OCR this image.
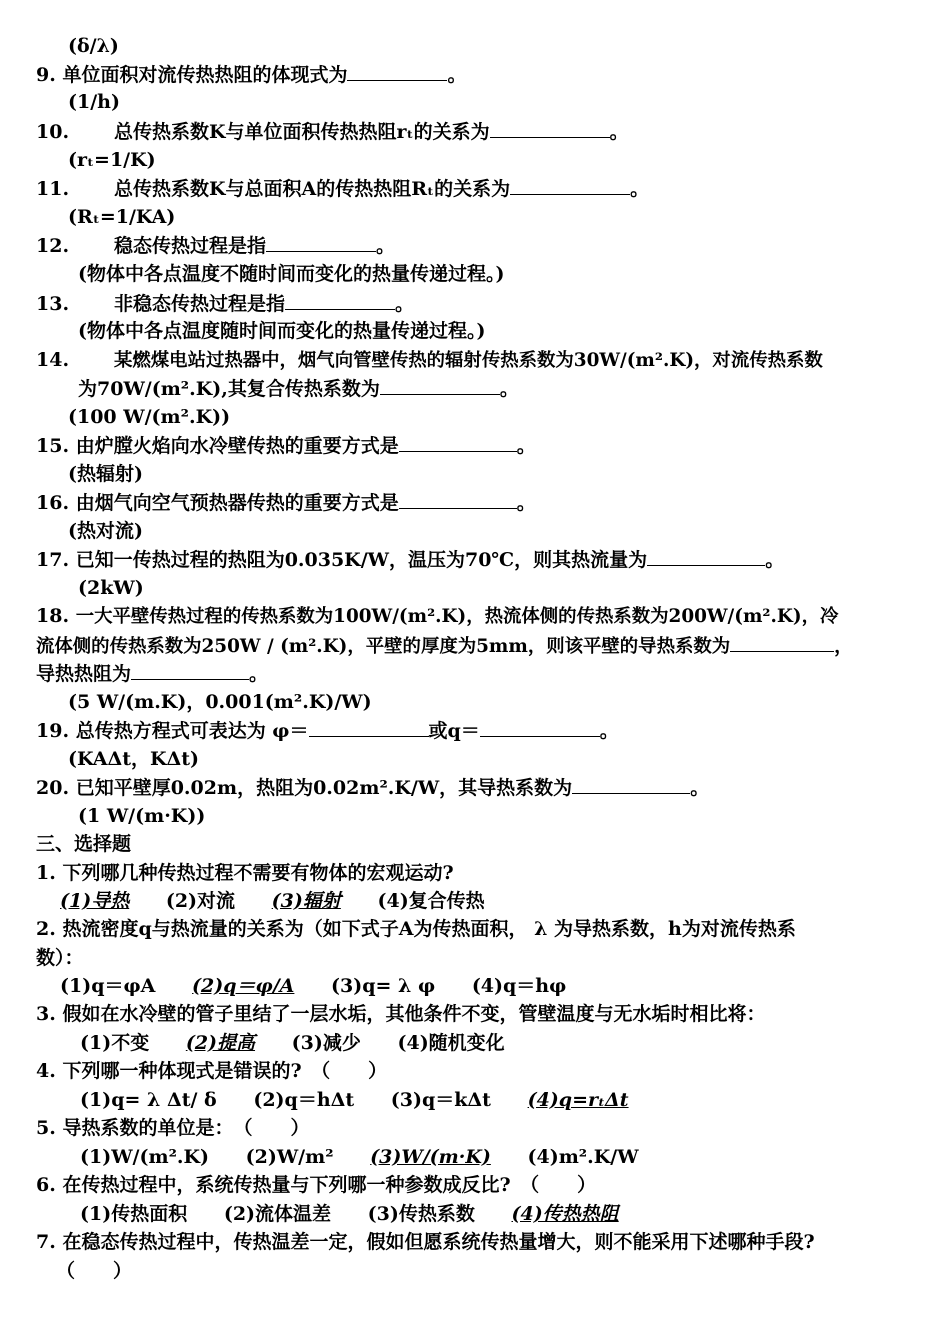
(δ/λ)
9. 单位面积对流传热热阻的体现式为	。
(1/h)
10. 总传热系数K与单位面积传热热阻rₜ的关系为	。
(rₜ=1/K)
11. 总传热系数K与总面积A的传热热阻Rₜ的关系为	。
(Rₜ=1/KA)
12. 稳态传热过程是指	。
(物体中各点温度不随时间而变化的热量传递过程。)
13. 非稳态传热过程是指	。
(物体中各点温度随时间而变化的热量传递过程。)
14. 某燃煤电站过热器中，烟气向管壁传热的辐射传热系数为30W/(m².K)，对流传热系数
为70W/(m².K),其复合传热系数为	。
(100 W/(m².K))
15. 由炉膛火焰向水冷壁传热的重要方式是	。
(热辐射)
16. 由烟气向空气预热器传热的重要方式是	。
(热对流)
17. 已知一传热过程的热阻为0.035K/W，温压为70℃，则其热流量为	。
(2kW)
18. 一大平壁传热过程的传热系数为100W/(m².K)，热流体侧的传热系数为200W/(m².K)，冷
流体侧的传热系数为250W / (m².K)，平壁的厚度为5mm，则该平壁的导热系数为	，
导热热阻为	。
(5 W/(m.K)，0.001(m².K)/W)
19. 总传热方程式可表达为 φ＝	或q＝	。
(KAΔt，KΔt)
20. 已知平壁厚0.02m，热阻为0.02m².K/W，其导热系数为	。
(1 W/(m·K))
三、选择题
1. 下列哪几种传热过程不需要有物体的宏观运动?
(1)导热 (2)对流 (3)辐射 (4)复合传热
2. 热流密度q与热流量的关系为（如下式子A为传热面积， λ 为导热系数，h为对流传热系
数）：
(1)q＝φA (2)q＝φ/A (3)q= λ φ (4)q＝hφ
3. 假如在水冷壁的管子里结了一层水垢，其他条件不变，管壁温度与无水垢时相比将：
(1)不变 (2)提高 (3)减少 (4)随机变化
4. 下列哪一种体现式是错误的?　（　　）
(1)q= λ Δt/ δ (2)q＝hΔt (3)q＝kΔt (4)q=rₜΔt
5. 导热系数的单位是：　（　　）
(1)W/(m².K) (2)W/m² (3)W/(m·K) (4)m².K/W
6. 在传热过程中，系统传热量与下列哪一种参数成反比?　（　　）
(1)传热面积 (2)流体温差 (3)传热系数 (4)传热热阻
7. 在稳态传热过程中，传热温差一定，假如但愿系统传热量增大，则不能采用下述哪种手段?
（　　）
